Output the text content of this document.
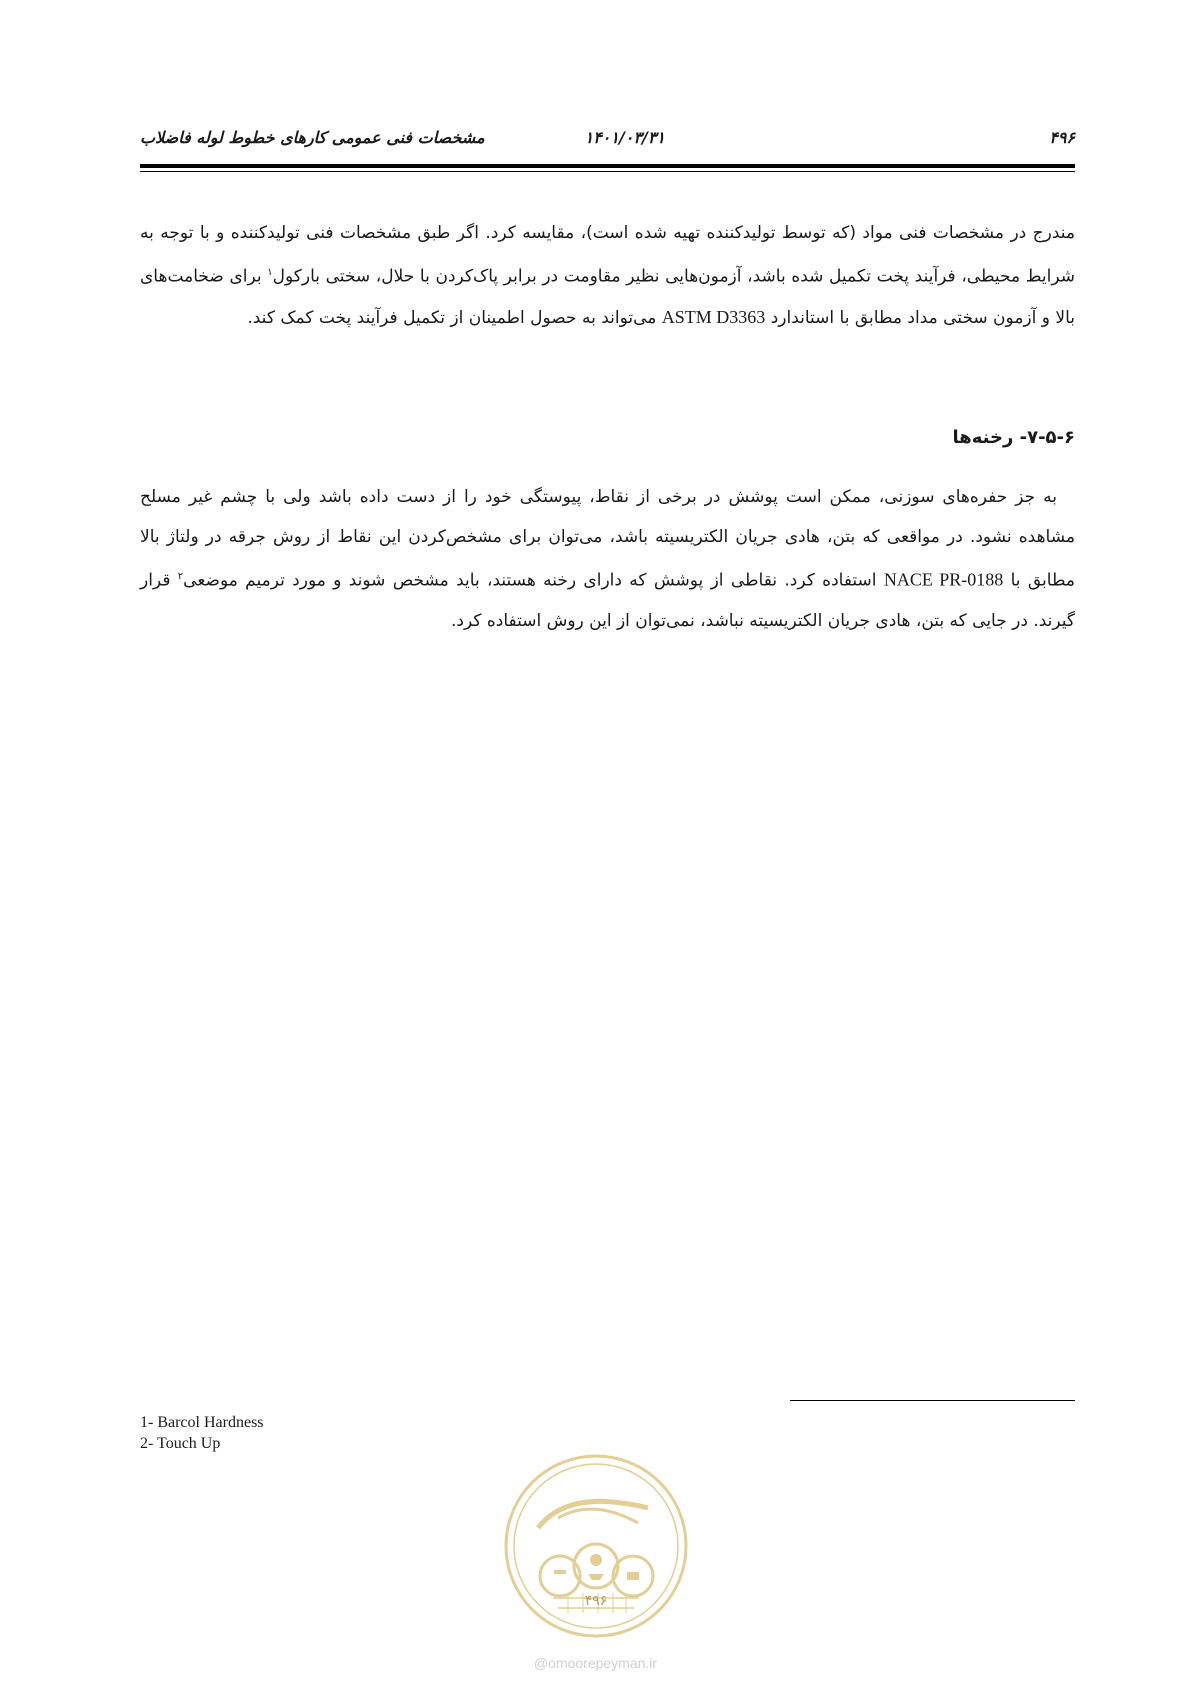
۴۹۶
۱۴۰۱/۰۳/۳۱
مشخصات فنی عمومی کارهای خطوط لوله فاضلاب

مندرج در مشخصات فنی مواد (که توسط تولیدکننده تهیه شده است)، مقایسه کرد. اگر طبق مشخصات فنی تولیدکننده و با توجه به شرایط محیطی، فرآیند پخت تکمیل شده باشد، آزمون‌هایی نظیر مقاومت در برابر پاک‌کردن با حلال، سختی بارکول$^۱$ برای ضخامت‌های بالا و آزمون سختی مداد مطابق با استاندارد ASTM D3363 می‌تواند به حصول اطمینان از تکمیل فرآیند پخت کمک کند.

۷-۵-۶- رخنه‌ها

به جز حفره‌های سوزنی، ممکن است پوشش در برخی از نقاط، پیوستگی خود را از دست داده باشد ولی با چشم غیر مسلح مشاهده نشود. در مواقعی که بتن، هادی جریان الکتریسیته باشد، می‌توان برای مشخص‌کردن این نقاط از روش جرقه در ولتاژ بالا مطابق با NACE PR-0188 استفاده کرد. نقاطی از پوشش که دارای رخنه هستند، باید مشخص شوند و مورد ترمیم موضعی$^۲$ قرار گیرند. در جایی که بتن، هادی جریان الکتریسیته نباشد، نمی‌توان از این روش استفاده کرد.

1- Barcol Hardness
2- Touch Up
۴۹۶
@omoorepeyman.ir
